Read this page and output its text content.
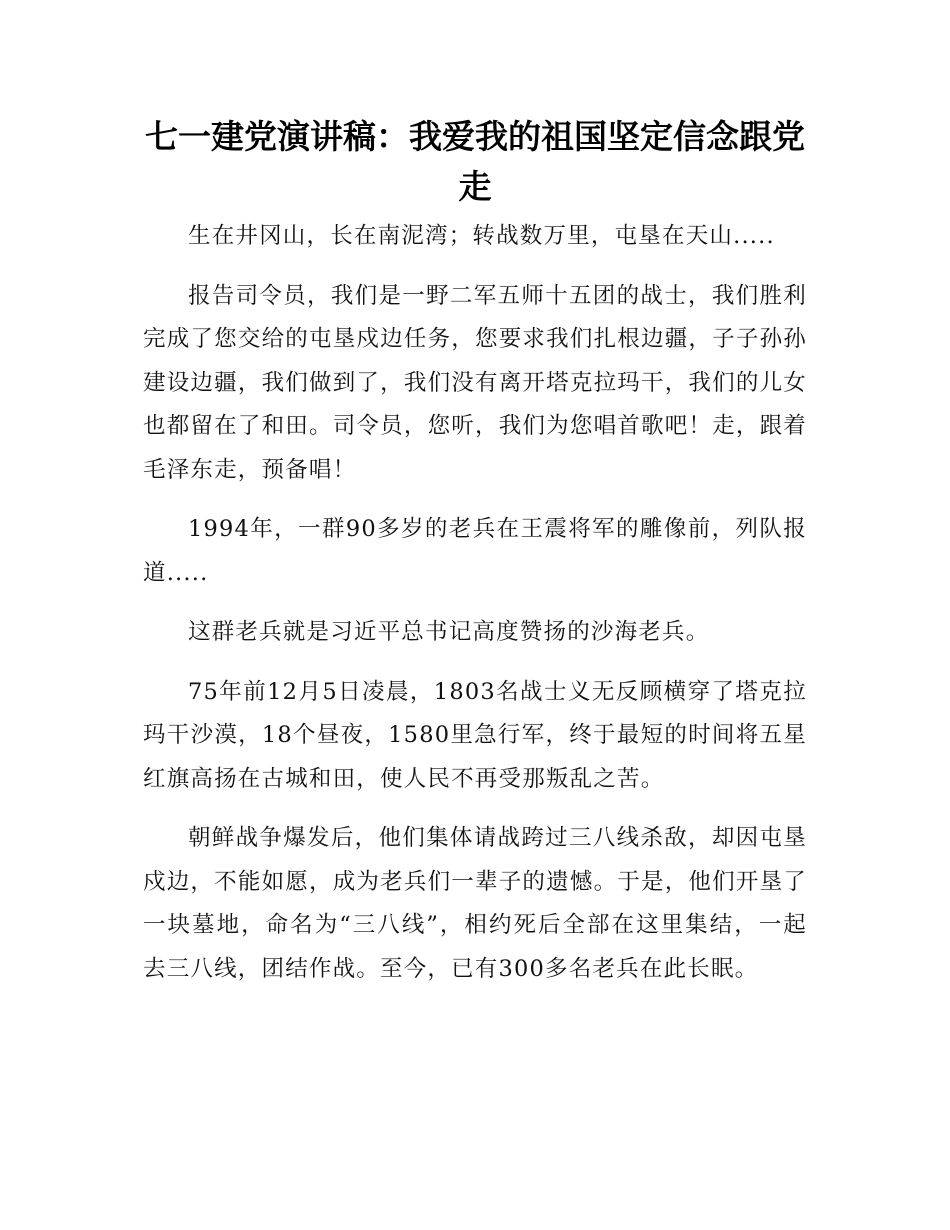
七一建党演讲稿：我爱我的祖国坚定信念跟党走

生在井冈山，长在南泥湾；转战数万里，屯垦在天山.....

报告司令员，我们是一野二军五师十五团的战士，我们胜利完成了您交给的屯垦戍边任务，您要求我们扎根边疆，子子孙孙建设边疆，我们做到了，我们没有离开塔克拉玛干，我们的儿女也都留在了和田。司令员，您听，我们为您唱首歌吧！走，跟着毛泽东走，预备唱！

1994年，一群90多岁的老兵在王震将军的雕像前，列队报道.....

这群老兵就是习近平总书记高度赞扬的沙海老兵。

75年前12月5日凌晨，1803名战士义无反顾横穿了塔克拉玛干沙漠，18个昼夜，1580里急行军，终于最短的时间将五星红旗高扬在古城和田，使人民不再受那叛乱之苦。

朝鲜战争爆发后，他们集体请战跨过三八线杀敌，却因屯垦戍边，不能如愿，成为老兵们一辈子的遗憾。于是，他们开垦了一块墓地，命名为“三八线”，相约死后全部在这里集结，一起去三八线，团结作战。至今，已有300多名老兵在此长眠。
